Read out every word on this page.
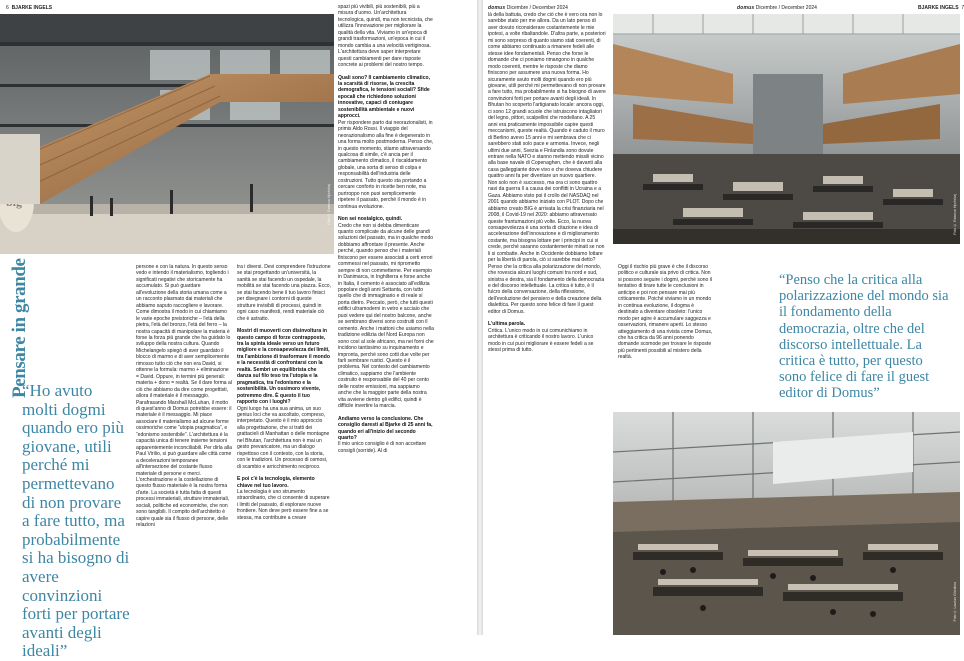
6 BJARKE INGELS
Foto © Rasmus Hjortshøj
Pensare in grande
“Ho avuto molti dogmi quando ero più giovane, utili perché mi permettevano di non provare a fare tutto, ma probabilmente si ha bisogno di avere convinzioni forti per portare avanti degli ideali”

persone e con la natura. In questo senso vedo e intendo il materialismo, togliendo i significati negativi che storicamente ha accumulato. Si può guardare all'evoluzione della storia umana come a un racconto plasmato dai materiali che abbiamo saputo raccogliere e lavorare. Come dimostra il modo in cui chiamiamo le varie epoche preistoriche – l'età della pietra, l'età del bronzo, l'età del ferro – la nostra capacità di manipolare la materia è forse la forza più grande che ha guidato lo sviluppo della nostra cultura. Quando Michelangelo spiegò di aver guardato il blocco di marmo e di aver semplicemente rimosso tutto ciò che non era David, si ottenne la formula: marmo + eliminazione = David. Oppure, in termini più generali: materia + dono = realtà. Se il dare forma al ciò che abbiamo da dire come progettisti, allora il materiale è il messaggio. Parafrasando Marshall McLuhan, il motto di quest'anno di Domus potrebbe essere: il materiale è il messaggio. Mi piace associare il materialismo ad alcune forme ossimoriche come “utopia pragmatica”, e “edonismo sostenibile”. L'architettura è la capacità unica di tenere insieme tensioni apparentemente inconciliabili. Per dirla alla Paul Virilio, si può guardare alle città come a decelerazioni temporanee all'intersezione del costante flusso materiale di persone e merci. L'orchestrazione e la costellazione di questo flusso materiale è la nostra forma d'arte. La società è tutta fatta di questi processi immateriali, strutture immateriali, sociali, politiche ed economiche, che non sono tangibili. Il compito dell'architetto è capire quale sia il flusso di persone, delle relazioni

tra i diversi. Devi comprendere l'istruzione se stai progettando un'università, la sanità se stai facendo un ospedale, la mobilità se stai facendo una piazza. Ecco, se stai facendo bene il tuo lavoro finisci per disegnare i contorni di queste strutture invisibili di processi, quindi in ogni caso manifesti, rendi materiale ciò che è astratto.

Mostri di muoverti con disinvoltura in questo campo di forze contrapposte, tra la spinta ideale verso un futuro migliore e la consapevolezza dei limiti, tra l'ambizione di trasformare il mondo e la necessità di confrontarsi con la realtà. Sembri un equilibrista che danza sul filo teso tra l'utopia e la pragmatica, tra l'edonismo e la sostenibilità. Un ossimoro vivente, potremmo dire. È questo il tuo rapporto con i luoghi?

Ogni luogo ha una sua anima, un suo genius loci che va ascoltato, compreso, interpretato. Questo è il mio approccio alla progettazione, che si tratti dei grattacieli di Manhattan o delle montagne nel Bhutan, l'architettura non è mai un gesto prevaricatore, ma un dialogo rispettoso con il contesto, con la storia, con le tradizioni. Un processo di osmosi, di scambio e arricchimento reciproco.

E poi c'è la tecnologia, elemento chiave nel tuo lavoro.

La tecnologia è uno strumento straordinario, che ci consente di superare i limiti del passato, di esplorare nuove frontiere. Non deve però essere fine a se stessa, ma contribuire a creare

spazi più vivibili, più sostenibili, più a misura d'uomo. Un'architettura tecnologica, quindi, ma non tecnicista, che utilizza l'innovazione per migliorare la qualità della vita. Viviamo in un'epoca di grandi trasformazioni, un'epoca in cui il mondo cambia a una velocità vertiginosa. L'architettura deve saper interpretare questi cambiamenti per dare risposte concrete ai problemi del nostro tempo.

Quali sono? Il cambiamento climatico, la scarsità di risorse, la crescita demografica, le tensioni sociali? Sfide epocali che richiedono soluzioni innovative, capaci di coniugare sostenibilità ambientale e nuovi approcci.

Per rispondere parto dai neorazionalisti, in primis Aldo Rossi. Il viaggio del neorazionalismo alla fine è degenerato in una forma molto postmoderna. Penso che, in questo momento, stiamo attraversando qualcosa di simile, c'è ancia per il cambiamento climatico, il riscaldamento globale, una sorta di senso di colpa e responsabilità dell'industria delle costruzioni. Tutto questo sta portando a cercare conforto in ricette ben note, ma purtroppo non puoi semplicemente ripetere il passato, perché il mondo è in continua evoluzione.

Non sei nostalgico, quindi.

Credo che non si debba dimenticare quanto complicate da alcune delle grandi soluzioni del passato, ma in qualche modo dobbiamo affrontare il presente. Anche perché, quando penso che i materiali finiscono per essere associati a certi errori commessi nel passato, mi riprometto sempre di non commetterne. Per esempio in Danimarca, in Inghilterra e forse anche in Italia, il cemento è associato all'edilizia popolare degli anni Settanta, con tutto quello che di immaginario e di reale si porta dietro. Peccato, però, che tutti questi edifici ultramoderni in vetro e acciaio che puoi vedere qui del nostro balcone, anche se sembrano diversi sono costruiti con il cemento. Anche i mattoni che usiamo nella tradizione edilizia del Nord Europa non sono così al sole africano, ma nei forni che incidono tantissimo su inquinamento e impronta, perché sono cotti due volte per farli sembrare rustici. Questo è il problema. Nel contesto del cambiamento climatico, sappiamo che l'ambiente costruito è responsabile del 40 per cento delle nostre emissioni, ma sappiamo anche che la maggior parte della nostra vita avviene dentro gli edifici, quindi è difficile invertire la marcia.

Andiamo verso la conclusione. Che consiglio daresti al Bjarke di 25 anni fa, quando eri all'inizio del secondo quarto?

Il mio unico consiglio è di non accettare consigli (sorride). Al di

domus Dicembre / December 2024	domus Dicembre / December 2024	BJARKE INGELS 7

là della battuta, credo che ciò che è vero ora non lo sarebbe stato per me allora. Da un lato penso di aver dovuto riconsiderare costantemente le mie ipotesi, a volte ribaltandole. D'altra parte, a posteriori mi sono sorpreso di quanto siamo stati coerenti, di come abbiamo continuato a rimanere fedeli alle stesse idee fondamentali. Penso che forse le domande che ci poniamo rimangono in qualche modo coerenti, mentre le risposte che diamo finiscono per assumere una nuova forma. Ho sicuramente avuto molti dogmi quando ero più giovane, utili perché mi permettevano di non provare a fare tutto, ma probabilmente si ha bisogno di avere convinzioni forti per portare avanti degli ideali. In Bhutan ho scoperto l'artigianato locale: ancora oggi, ci sono 12 grandi scuole che istruiscono intagliatori del legno, pittori, scalpellini che modellano. A 25 anni era praticamente impossibile capire questi meccanismi, queste realtà. Quando è caduto il muro di Berlino avevo 15 anni e mi sembrava che ci sarebbero stati solo pace e armonia. Invece, negli ultimi due anni, Svezia e Finlandia sono dovute entrare nella NATO e stanno mettendo missili vicino alla base navale di Copenaghen, che è davanti alla casa galleggiante dove vivo e che doveva chiudere quattro anni fa per diventare un nuovo quartiere. Non solo non è successo, ma ora ci sono quattro navi da guerra lì a causa dei conflitti in Ucraina e a Gaza. Abbiamo visto poi il crollo del NASDAQ nel 2001 quando abbiamo iniziato con PLOT. Dopo che abbiamo creato BIG è arrivata la crisi finanziaria nel 2008, il Covid-19 nel 2020: abbiamo attraversato queste frantumazioni più volte. Ecco, la nuova consapevolezza è una sorta di citazione e idea di accelerazione dell'innovazione e di miglioramento costante, ma bisogna lottare per i principi in cui si crede, perché saranno costantemente minati se non li si combatte. Anche in Occidente dobbiamo lottare per la libertà di parola, ciò si sarebbe mai detto? Penso che la critica alla polarizzazione del mondo, che rovescia alcuni luoghi comuni tra nord e sud, sinistra e destra, sia il fondamento della democrazia e del discorso intellettuale. La critica è tutto, è il fulcro della conversazione, della riflessione, dell'evoluzione del pensiero e della creazione della dialettica. Per questo sono felice di fare il guest editor di Domus.

L'ultima parola.

Critica. L'unico modo in cui comunichiamo in architettura è criticando il nostro lavoro. L'unico modo in cui puoi migliorare è essere fedeli a se stessi prima di tutto.

Foto © Rasmus Hjortshøj

Oggi il rischio più grave è che il discorso politico e culturale sia privo di critica. Non si possono seguire i dogmi, perché sono il tentativo di tirare tutte le conclusioni in anticipo e poi non pensare mai più criticamente. Poiché viviamo in un mondo in continua evoluzione, il dogma è destinato a diventare obsoleto: l'unico modo per agire è accumulare saggezza e osservazioni, rimanere aperti. Lo stesso atteggiamento di una rivista come Domus, che ha critica da 96 anni ponendo domande scomode per trovare le risposte più pertinenti possibili al mistero della realtà.

“Penso che la critica alla polarizzazione del mondo sia il fondamento della democrazia, oltre che del discorso intellettuale. La critica è tutto, per questo sono felice di fare il guest editor di Domus”
Foto © Laurian Ghinitoiu
